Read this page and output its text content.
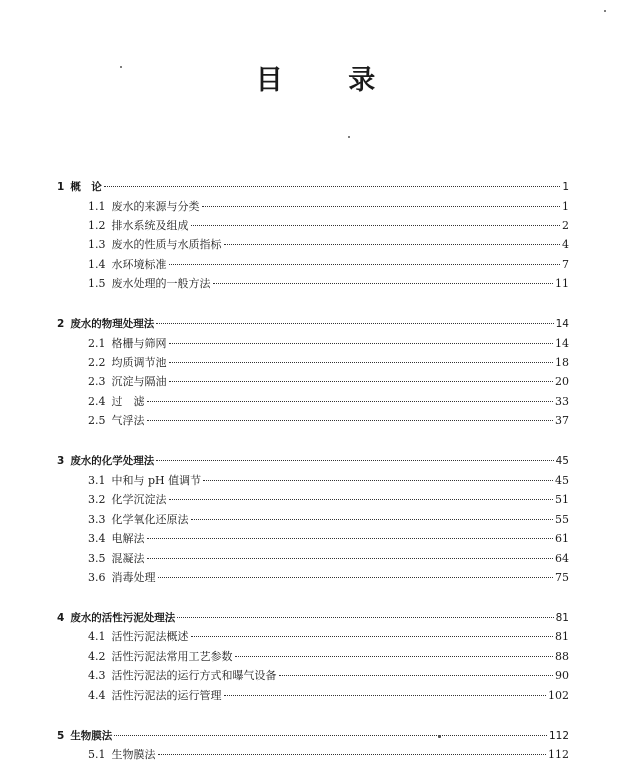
目 录
1 概　论	1
1.1 废水的来源与分类	1
1.2 排水系统及组成	2
1.3 废水的性质与水质指标	4
1.4 水环境标准	7
1.5 废水处理的一般方法	11
2 废水的物理处理法	14
2.1 格栅与筛网	14
2.2 均质调节池	18
2.3 沉淀与隔油	20
2.4 过　滤	33
2.5 气浮法	37
3 废水的化学处理法	45
3.1 中和与 pH 值调节	45
3.2 化学沉淀法	51
3.3 化学氧化还原法	55
3.4 电解法	61
3.5 混凝法	64
3.6 消毒处理	75
4 废水的活性污泥处理法	81
4.1 活性污泥法概述	81
4.2 活性污泥法常用工艺参数	88
4.3 活性污泥法的运行方式和曝气设备	90
4.4 活性污泥法的运行管理	102
5 生物膜法	112
5.1 生物膜法	112
